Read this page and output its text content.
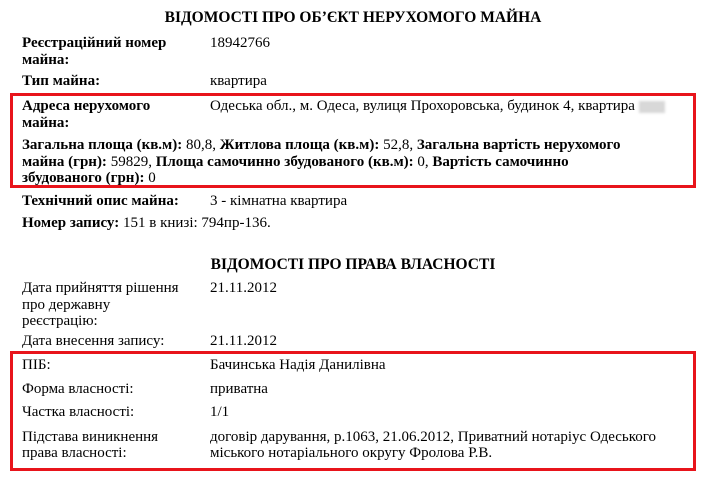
ВІДОМОСТІ ПРО ОБ’ЄКТ НЕРУХОМОГО МАЙНА
Реєстраційний номер
майна:
18942766
Тип майна:	квартира
Адреса нерухомого
майна:
Одеська обл., м. Одеса, вулиця Прохоровська, будинок 4, квартира
Загальна площа (кв.м): 80,8, Житлова площа (кв.м): 52,8, Загальна вартість нерухомого
майна (грн): 59829, Площа самочинно збудованого (кв.м): 0, Вартість самочинно
збудованого (грн): 0
Технічний опис майна: 3 - кімнатна квартира
Номер запису: 151 в книзі: 794пр-136.
ВІДОМОСТІ ПРО ПРАВА ВЛАСНОСТІ
Дата прийняття рішення
про державну
реєстрацію:
21.11.2012
Дата внесення запису:	21.11.2012
ПІБ:	Бачинська Надія Данилівна
Форма власності:	приватна
Частка власності:	1/1
Підстава виникнення
права власності:
договір дарування, р.1063, 21.06.2012, Приватний нотаріус Одеського
міського нотаріального округу Фролова Р.В.
